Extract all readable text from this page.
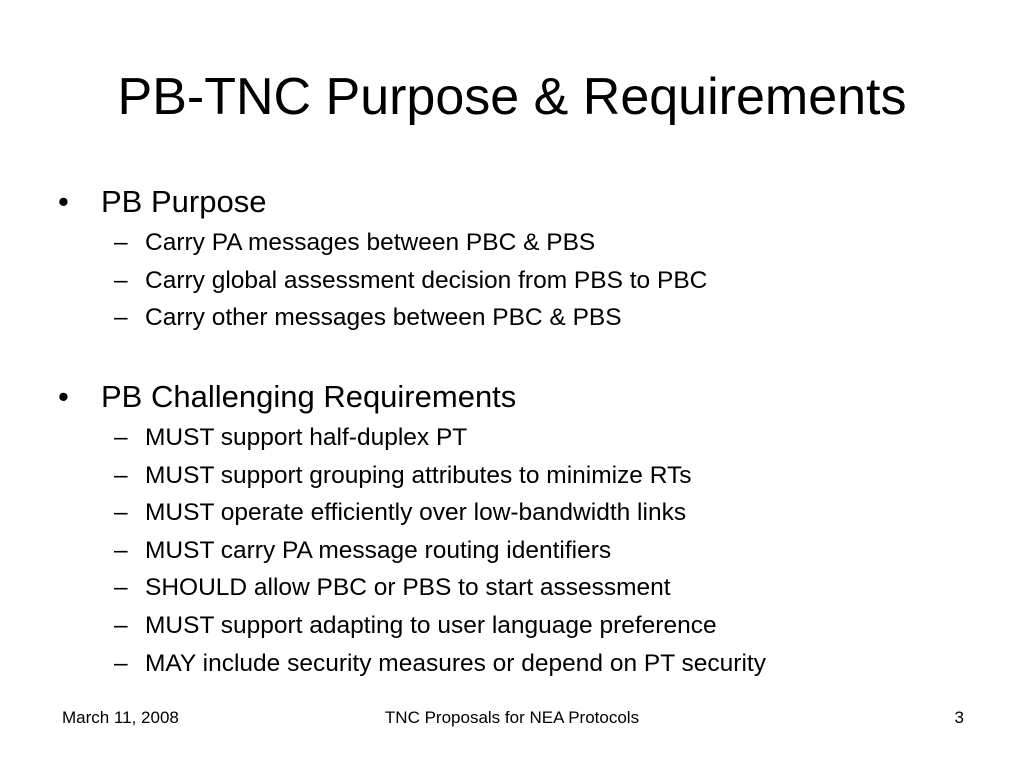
PB-TNC Purpose & Requirements
•	PB Purpose
– Carry PA messages between PBC & PBS
– Carry global assessment decision from PBS to PBC
– Carry other messages between PBC & PBS
•	PB Challenging Requirements
– MUST support half-duplex PT
– MUST support grouping attributes to minimize RTs
– MUST operate efficiently over low-bandwidth links
– MUST carry PA message routing identifiers
– SHOULD allow PBC or PBS to start assessment
– MUST support adapting to user language preference
– MAY include security measures or depend on PT security
March 11, 2008	TNC Proposals for NEA Protocols	3
